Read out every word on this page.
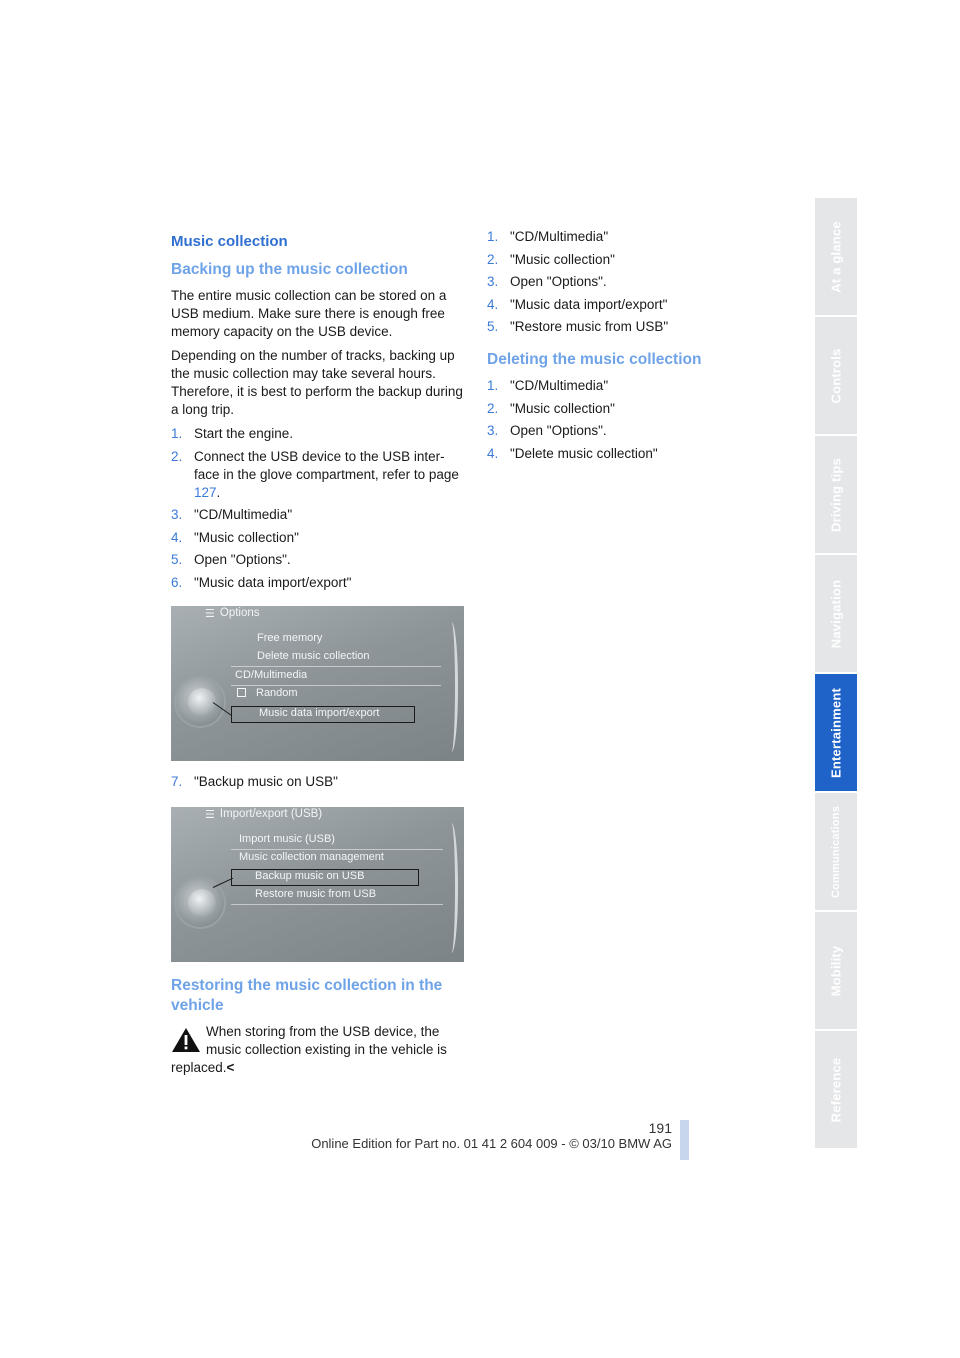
Music collection
Backing up the music collection

The entire music collection can be stored on a USB medium. Make sure there is enough free memory capacity on the USB device.

Depending on the number of tracks, backing up the music collection may take several hours. Therefore, it is best to perform the backup during a long trip.

1. Start the engine.
2. Connect the USB device to the USB interface in the glove compartment, refer to page 127.
3. "CD/Multimedia"
4. "Music collection"
5. Open "Options".
6. "Music data import/export"
☰ Options
Free memory
Delete music collection
CD/Multimedia
Random
Music data import/export
7. "Backup music on USB"
☰ Import/export (USB)
Import music (USB)
Music collection management
Backup music on USB
Restore music from USB
Restoring the music collection in the vehicle

When storing from the USB device, the

music collection existing in the vehicle is

replaced.<

1. "CD/Multimedia"
2. "Music collection"
3. Open "Options".
4. "Music data import/export"
5. "Restore music from USB"
Deleting the music collection
1. "CD/Multimedia"
2. "Music collection"
3. Open "Options".
4. "Delete music collection"
At a glance
Controls
Driving tips
Navigation
Entertainment
Communications
Mobility
Reference
191
Online Edition for Part no. 01 41 2 604 009 - © 03/10 BMW AG
